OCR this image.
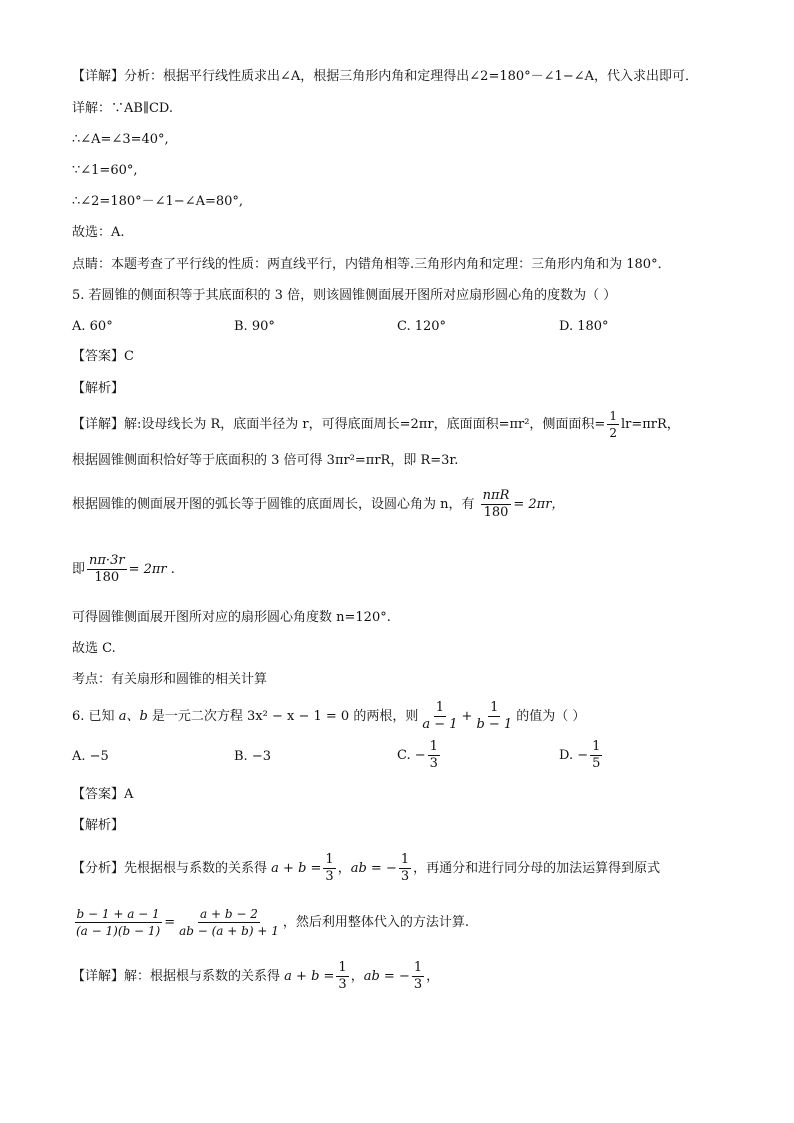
【详解】分析：根据平行线性质求出∠A，根据三角形内角和定理得出∠2=180°－∠1−∠A，代入求出即可．
详解：∵AB∥CD.
∴∠A=∠3=40°,
∵∠1=60°,
∴∠2=180°－∠1−∠A=80°,
故选：A.
点睛：本题考查了平行线的性质：两直线平行，内错角相等.三角形内角和定理：三角形内角和为 180°．
5. 若圆锥的侧面积等于其底面积的 3 倍，则该圆锥侧面展开图所对应扇形圆心角的度数为（ ）
A. 60°	B. 90°	C. 120°	D. 180°
【答案】C
【解析】
【详解】解:设母线长为 R，底面半径为 r，可得底面周长=2πr，底面面积=πr²，侧面面积= $\frac{1}{2} lr=\pi rR$，
根据圆锥侧面积恰好等于底面积的 3 倍可得 3πr²=πrR，即 R=3r.
根据圆锥的侧面展开图的弧长等于圆锥的底面周长，设圆心角为 n，有 $\frac{\text{nπR}}{180} = 2\pi r$，
即 $\frac{n\pi\cdot 3r}{180} = 2\pi r$ .
可得圆锥侧面展开图所对应的扇形圆心角度数 n=120°.
故选 C.
考点：有关扇形和圆锥的相关计算
6. 已知 a、b 是一元二次方程 3x² − x − 1 = 0 的两根，则 $\frac{1}{a - 1} + \frac{1}{b - 1}$ 的值为（ ）
A. −5	B. −3	C. − $\frac{1}{3}$	D. − $\frac{1}{5}$
【答案】A
【解析】
【分析】先根据根与系数的关系得 $a + b = \frac{1}{3}$ ，ab = − $\frac{1}{3}$ ，再通分和进行同分母的加法运算得到原式
$\frac{b - 1 + a - 1}{(a - 1)(b - 1)} = \frac{a + b - 2}{ab - (a + b) + 1}$ ，然后利用整体代入的方法计算.
【详解】解：根据根与系数的关系得 $a + b = \frac{1}{3}$ ，ab = − $\frac{1}{3}$ ，
